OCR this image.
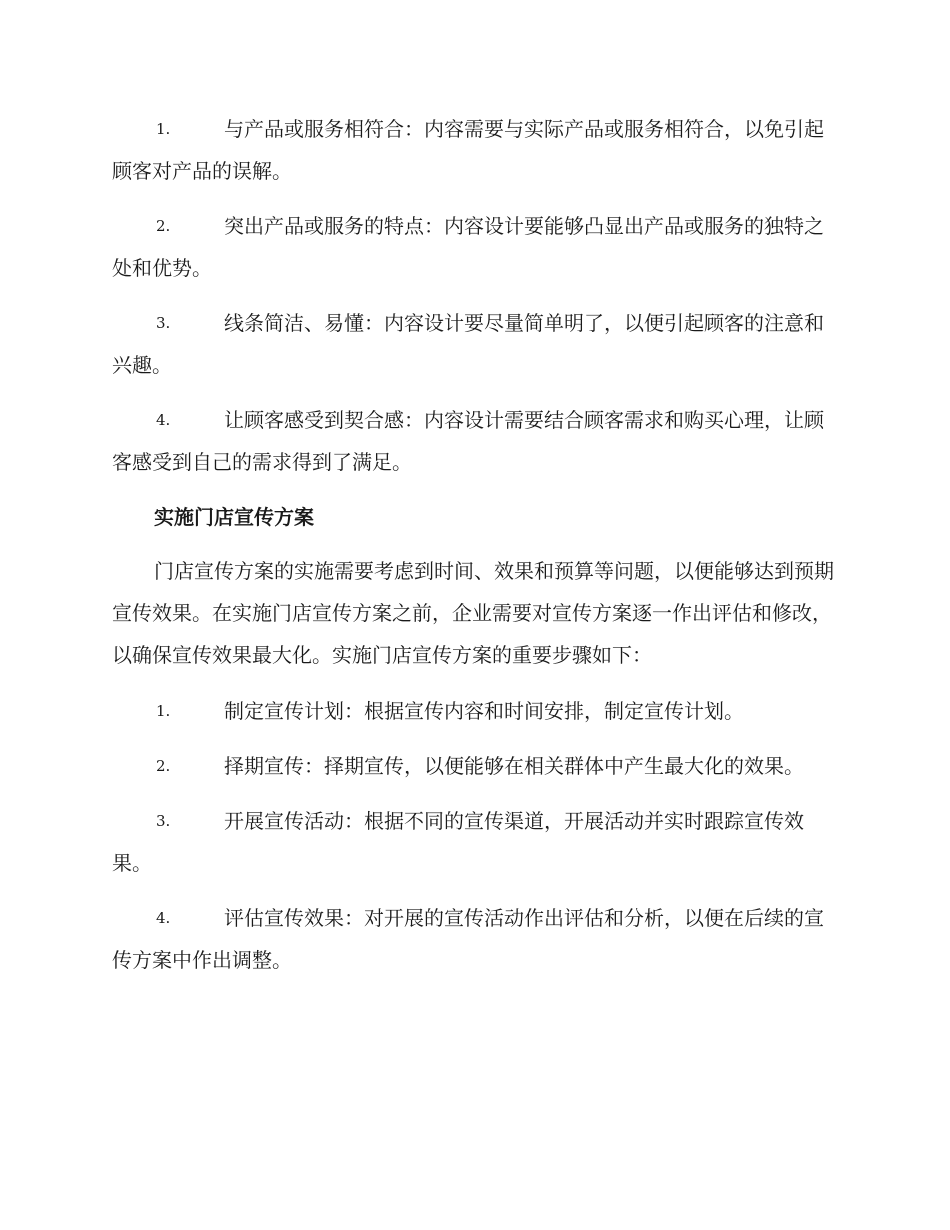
1.	与产品或服务相符合：内容需要与实际产品或服务相符合，以免引起顾客对产品的误解。
2.	突出产品或服务的特点：内容设计要能够凸显出产品或服务的独特之处和优势。
3.	线条简洁、易懂：内容设计要尽量简单明了，以便引起顾客的注意和兴趣。
4.	让顾客感受到契合感：内容设计需要结合顾客需求和购买心理，让顾客感受到自己的需求得到了满足。
实施门店宣传方案
门店宣传方案的实施需要考虑到时间、效果和预算等问题，以便能够达到预期宣传效果。在实施门店宣传方案之前，企业需要对宣传方案逐一作出评估和修改，以确保宣传效果最大化。实施门店宣传方案的重要步骤如下：
1.	制定宣传计划：根据宣传内容和时间安排，制定宣传计划。
2.	择期宣传：择期宣传，以便能够在相关群体中产生最大化的效果。
3.	开展宣传活动：根据不同的宣传渠道，开展活动并实时跟踪宣传效果。
4.	评估宣传效果：对开展的宣传活动作出评估和分析，以便在后续的宣传方案中作出调整。
